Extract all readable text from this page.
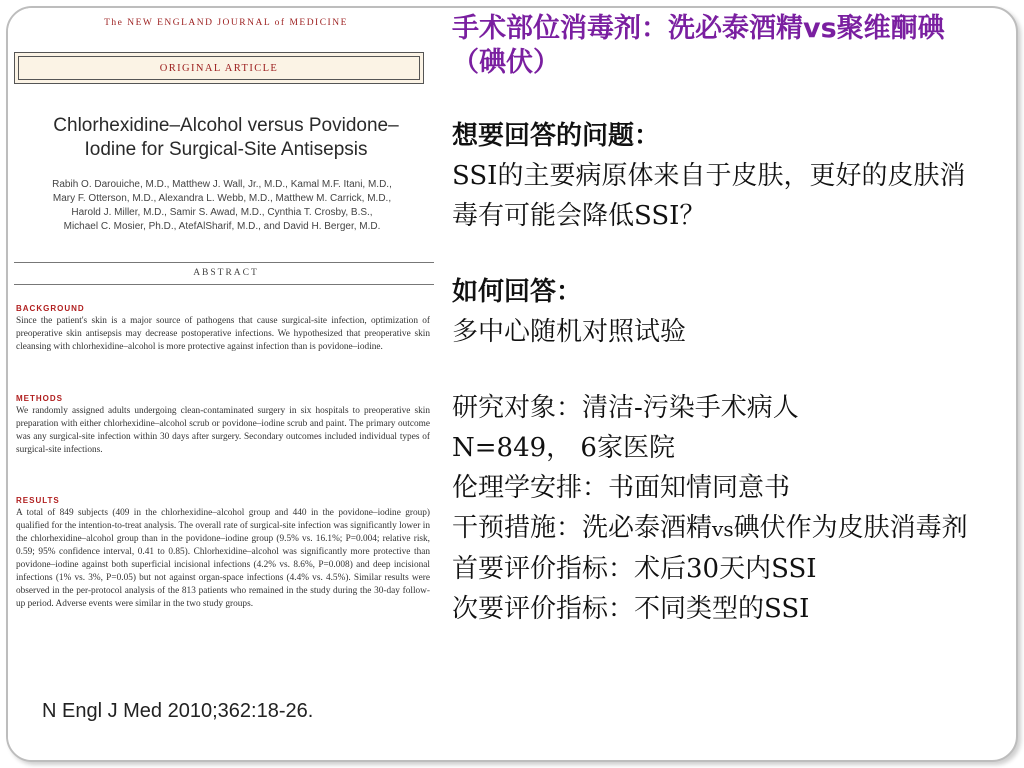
The NEW ENGLAND JOURNAL of MEDICINE
ORIGINAL ARTICLE
Chlorhexidine–Alcohol versus Povidone–
Iodine for Surgical-Site Antisepsis
Rabih O. Darouiche, M.D., Matthew J. Wall, Jr., M.D., Kamal M.F. Itani, M.D.,
Mary F. Otterson, M.D., Alexandra L. Webb, M.D., Matthew M. Carrick, M.D.,
Harold J. Miller, M.D., Samir S. Awad, M.D., Cynthia T. Crosby, B.S.,
Michael C. Mosier, Ph.D., AtefAlSharif, M.D., and David H. Berger, M.D.
ABSTRACT
BACKGROUND
Since the patient's skin is a major source of pathogens that cause surgical-site infection, optimization of preoperative skin antisepsis may decrease postoperative infections. We hypothesized that preoperative skin cleansing with chlorhexidine–alcohol is more protective against infection than is povidone–iodine.
METHODS
We randomly assigned adults undergoing clean-contaminated surgery in six hospitals to preoperative skin preparation with either chlorhexidine–alcohol scrub or povidone–iodine scrub and paint. The primary outcome was any surgical-site infection within 30 days after surgery. Secondary outcomes included individual types of surgical-site infections.
RESULTS
A total of 849 subjects (409 in the chlorhexidine–alcohol group and 440 in the povidone–iodine group) qualified for the intention-to-treat analysis. The overall rate of surgical-site infection was significantly lower in the chlorhexidine–alcohol group than in the povidone–iodine group (9.5% vs. 16.1%; P=0.004; relative risk, 0.59; 95% confidence interval, 0.41 to 0.85). Chlorhexidine–alcohol was significantly more protective than povidone–iodine against both superficial incisional infections (4.2% vs. 8.6%, P=0.008) and deep incisional infections (1% vs. 3%, P=0.05) but not against organ-space infections (4.4% vs. 4.5%). Similar results were observed in the per-protocol analysis of the 813 patients who remained in the study during the 30-day follow-up period. Adverse events were similar in the two study groups.
N Engl J Med 2010;362:18-26.
手术部位消毒剂：洗必泰酒精vs聚维酮碘（碘伏）

想要回答的问题：

SSI的主要病原体来自于皮肤，更好的皮肤消毒有可能会降低SSI？

如何回答：

多中心随机对照试验

研究对象：清洁-污染手术病人

N=849， 6家医院

伦理学安排：书面知情同意书

干预措施：洗必泰酒精vs碘伏作为皮肤消毒剂

首要评价指标：术后30天内SSI

次要评价指标：不同类型的SSI
